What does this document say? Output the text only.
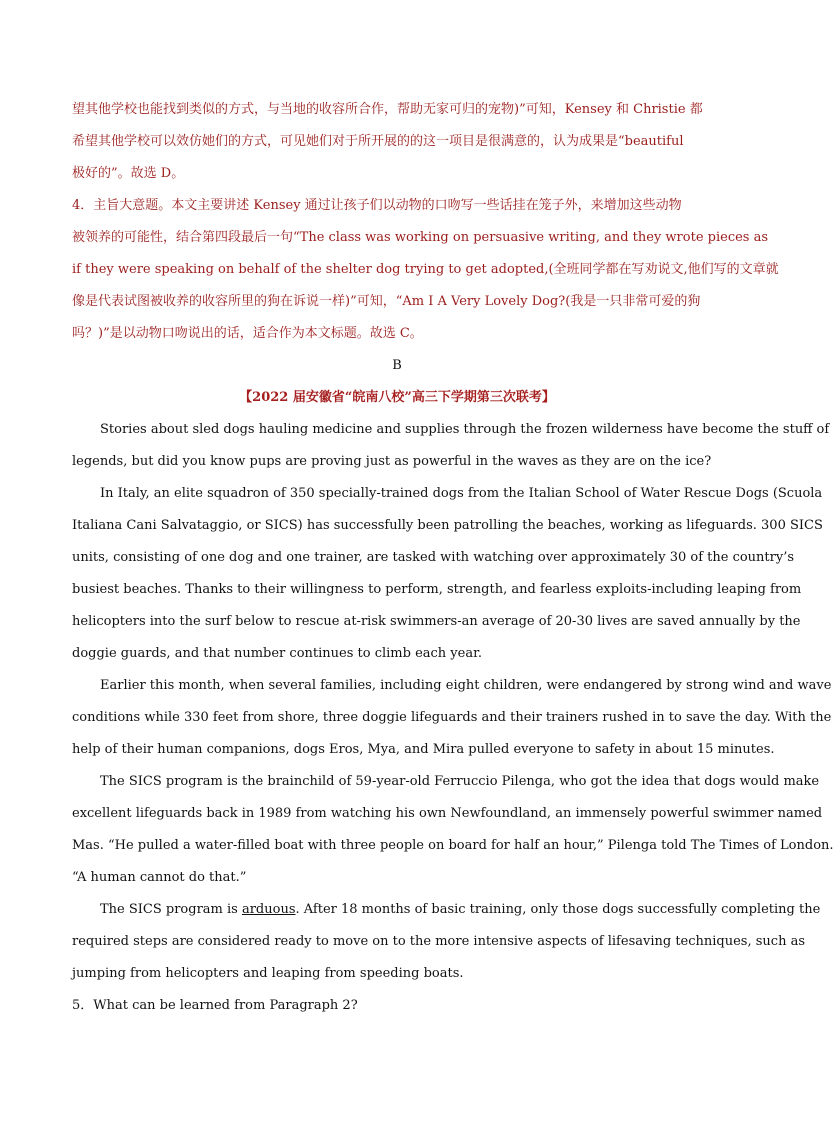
望其他学校也能找到类似的方式，与当地的收容所合作，帮助无家可归的宠物)”可知，Kensey 和 Christie 都
希望其他学校可以效仿她们的方式，可见她们对于所开展的的这一项目是很满意的，认为成果是“beautiful
极好的”。故选 D。
4．主旨大意题。本文主要讲述 Kensey 通过让孩子们以动物的口吻写一些话挂在笼子外，来增加这些动物
被领养的可能性，结合第四段最后一句“The class was working on persuasive writing, and they wrote pieces as
if they were speaking on behalf of the shelter dog trying to get adopted,(全班同学都在写劝说文,他们写的文章就
像是代表试图被收养的收容所里的狗在诉说一样)”可知，“Am I A Very Lovely Dog?(我是一只非常可爱的狗
吗？)”是以动物口吻说出的话，适合作为本文标题。故选 C。
B
【2022 届安徽省“皖南八校”高三下学期第三次联考】
Stories about sled dogs hauling medicine and supplies through the frozen wilderness have become the stuff of
legends, but did you know pups are proving just as powerful in the waves as they are on the ice?
In Italy, an elite squadron of 350 specially-trained dogs from the Italian School of Water Rescue Dogs (Scuola
Italiana Cani Salvataggio, or SICS) has successfully been patrolling the beaches, working as lifeguards. 300 SICS
units, consisting of one dog and one trainer, are tasked with watching over approximately 30 of the country’s
busiest beaches. Thanks to their willingness to perform, strength, and fearless exploits-including leaping from
helicopters into the surf below to rescue at-risk swimmers-an average of 20-30 lives are saved annually by the
doggie guards, and that number continues to climb each year.
Earlier this month, when several families, including eight children, were endangered by strong wind and wave
conditions while 330 feet from shore, three doggie lifeguards and their trainers rushed in to save the day. With the
help of their human companions, dogs Eros, Mya, and Mira pulled everyone to safety in about 15 minutes.
The SICS program is the brainchild of 59-year-old Ferruccio Pilenga, who got the idea that dogs would make
excellent lifeguards back in 1989 from watching his own Newfoundland, an immensely powerful swimmer named
Mas. “He pulled a water-filled boat with three people on board for half an hour,” Pilenga told The Times of London.
“A human cannot do that.”
The SICS program is arduous. After 18 months of basic training, only those dogs successfully completing the
required steps are considered ready to move on to the more intensive aspects of lifesaving techniques, such as
jumping from helicopters and leaping from speeding boats.
5．What can be learned from Paragraph 2?
